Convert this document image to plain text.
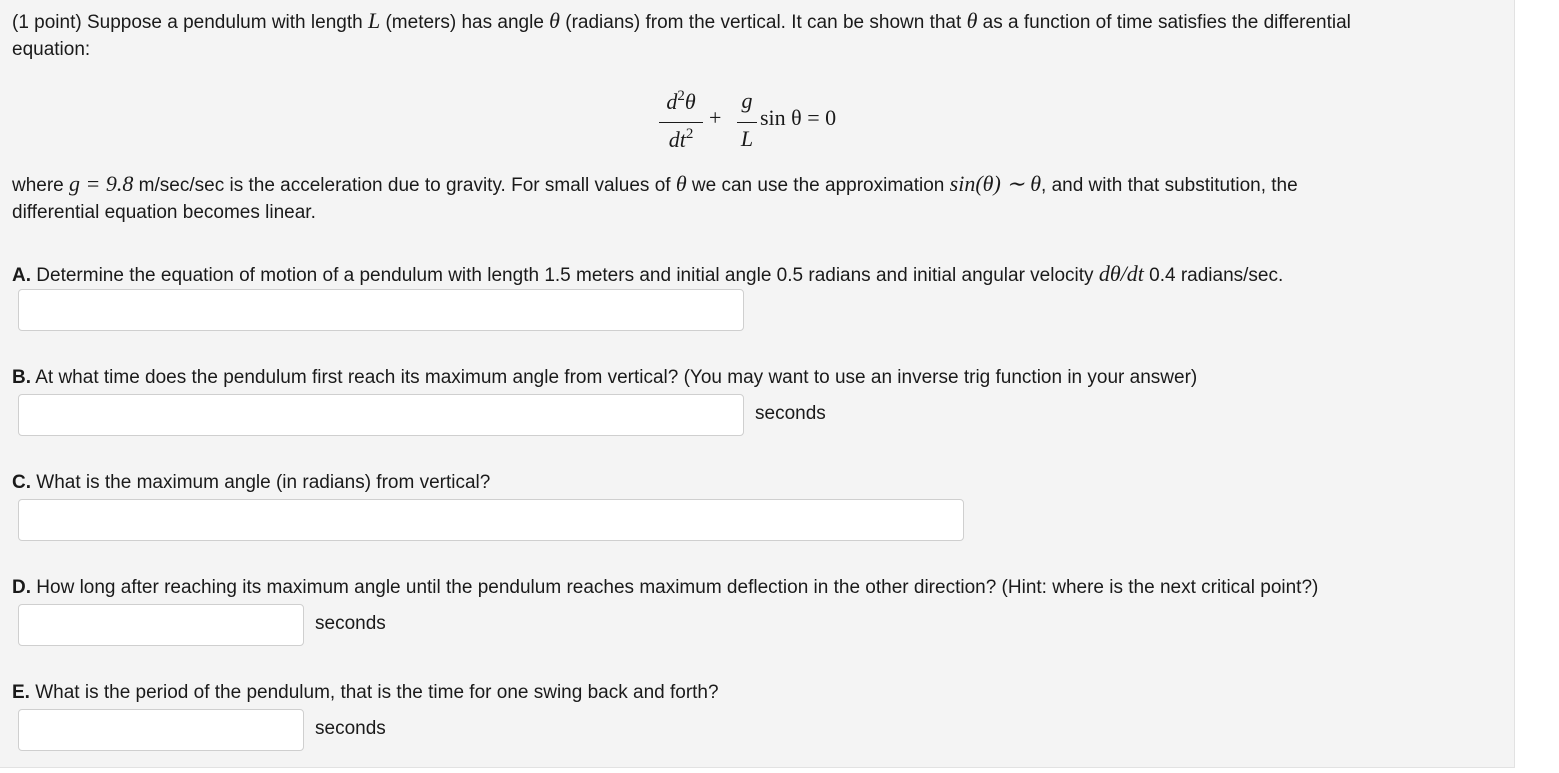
(1 point) Suppose a pendulum with length L (meters) has angle θ (radians) from the vertical. It can be shown that θ as a function of time satisfies the differential
equation:
$d^2\theta$
$dt^2$
+
g
L
sin θ = 0
where g = 9.8 m/sec/sec is the acceleration due to gravity. For small values of θ we can use the approximation sin(θ) ∼ θ, and with that substitution, the
differential equation becomes linear.
A. Determine the equation of motion of a pendulum with length 1.5 meters and initial angle 0.5 radians and initial angular velocity dθ/dt 0.4 radians/sec.
B. At what time does the pendulum first reach its maximum angle from vertical? (You may want to use an inverse trig function in your answer)
seconds
C. What is the maximum angle (in radians) from vertical?
D. How long after reaching its maximum angle until the pendulum reaches maximum deflection in the other direction? (Hint: where is the next critical point?)
seconds
E. What is the period of the pendulum, that is the time for one swing back and forth?
seconds
